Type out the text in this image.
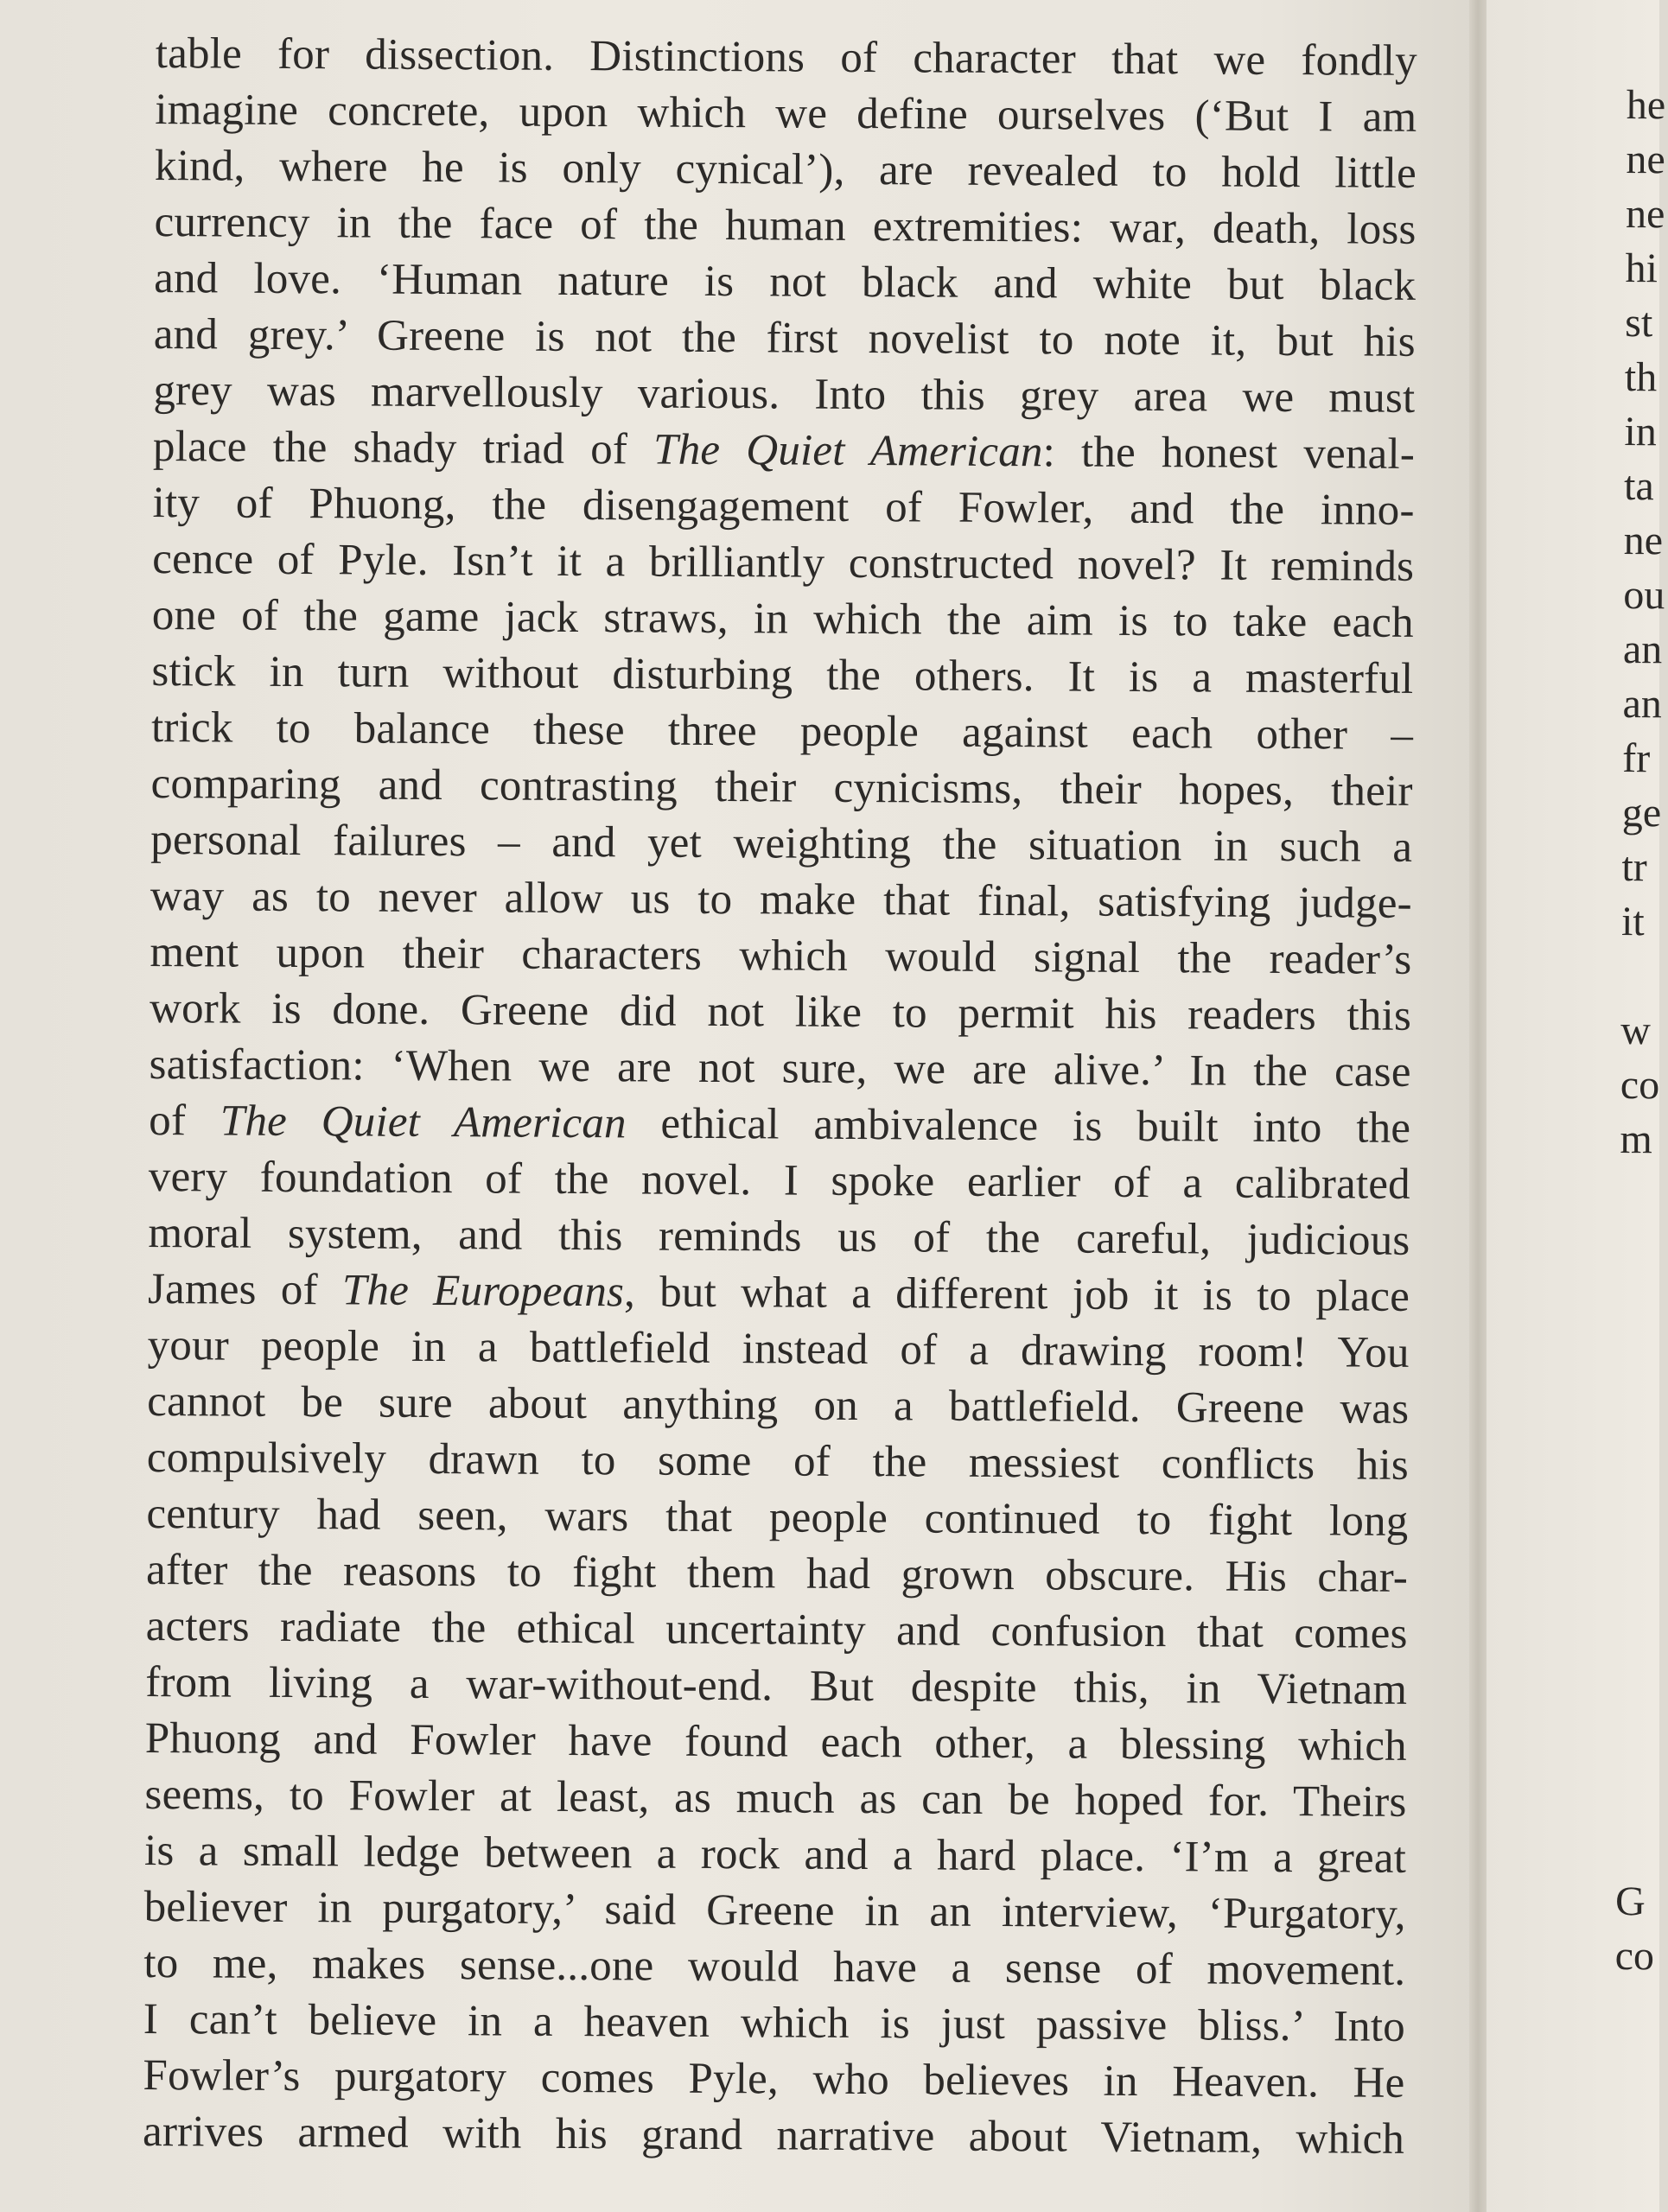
table for dissection. Distinctions of character that we fondly
imagine concrete, upon which we define ourselves (‘But I am
kind, where he is only cynical’), are revealed to hold little
currency in the face of the human extremities: war, death, loss
and love. ‘Human nature is not black and white but black
and grey.’ Greene is not the first novelist to note it, but his
grey was marvellously various. Into this grey area we must
place the shady triad of The Quiet American: the honest venal-
ity of Phuong, the disengagement of Fowler, and the inno-
cence of Pyle. Isn’t it a brilliantly constructed novel? It reminds
one of the game jack straws, in which the aim is to take each
stick in turn without disturbing the others. It is a masterful
trick to balance these three people against each other –
comparing and contrasting their cynicisms, their hopes, their
personal failures – and yet weighting the situation in such a
way as to never allow us to make that final, satisfying judge-
ment upon their characters which would signal the reader’s
work is done. Greene did not like to permit his readers this
satisfaction: ‘When we are not sure, we are alive.’ In the case
of The Quiet American ethical ambivalence is built into the
very foundation of the novel. I spoke earlier of a calibrated
moral system, and this reminds us of the careful, judicious
James of The Europeans, but what a different job it is to place
your people in a battlefield instead of a drawing room! You
cannot be sure about anything on a battlefield. Greene was
compulsively drawn to some of the messiest conflicts his
century had seen, wars that people continued to fight long
after the reasons to fight them had grown obscure. His char-
acters radiate the ethical uncertainty and confusion that comes
from living a war-without-end. But despite this, in Vietnam
Phuong and Fowler have found each other, a blessing which
seems, to Fowler at least, as much as can be hoped for. Theirs
is a small ledge between a rock and a hard place. ‘I’m a great
believer in purgatory,’ said Greene in an interview, ‘Purgatory,
to me, makes sense...one would have a sense of movement.
I can’t believe in a heaven which is just passive bliss.’ Into
Fowler’s purgatory comes Pyle, who believes in Heaven. He
arrives armed with his grand narrative about Vietnam, which
he
ne
ne
hi
st
th
in
ta
ne
ou
an
an
fr
ge
tr
it
w
co
m
G
co
